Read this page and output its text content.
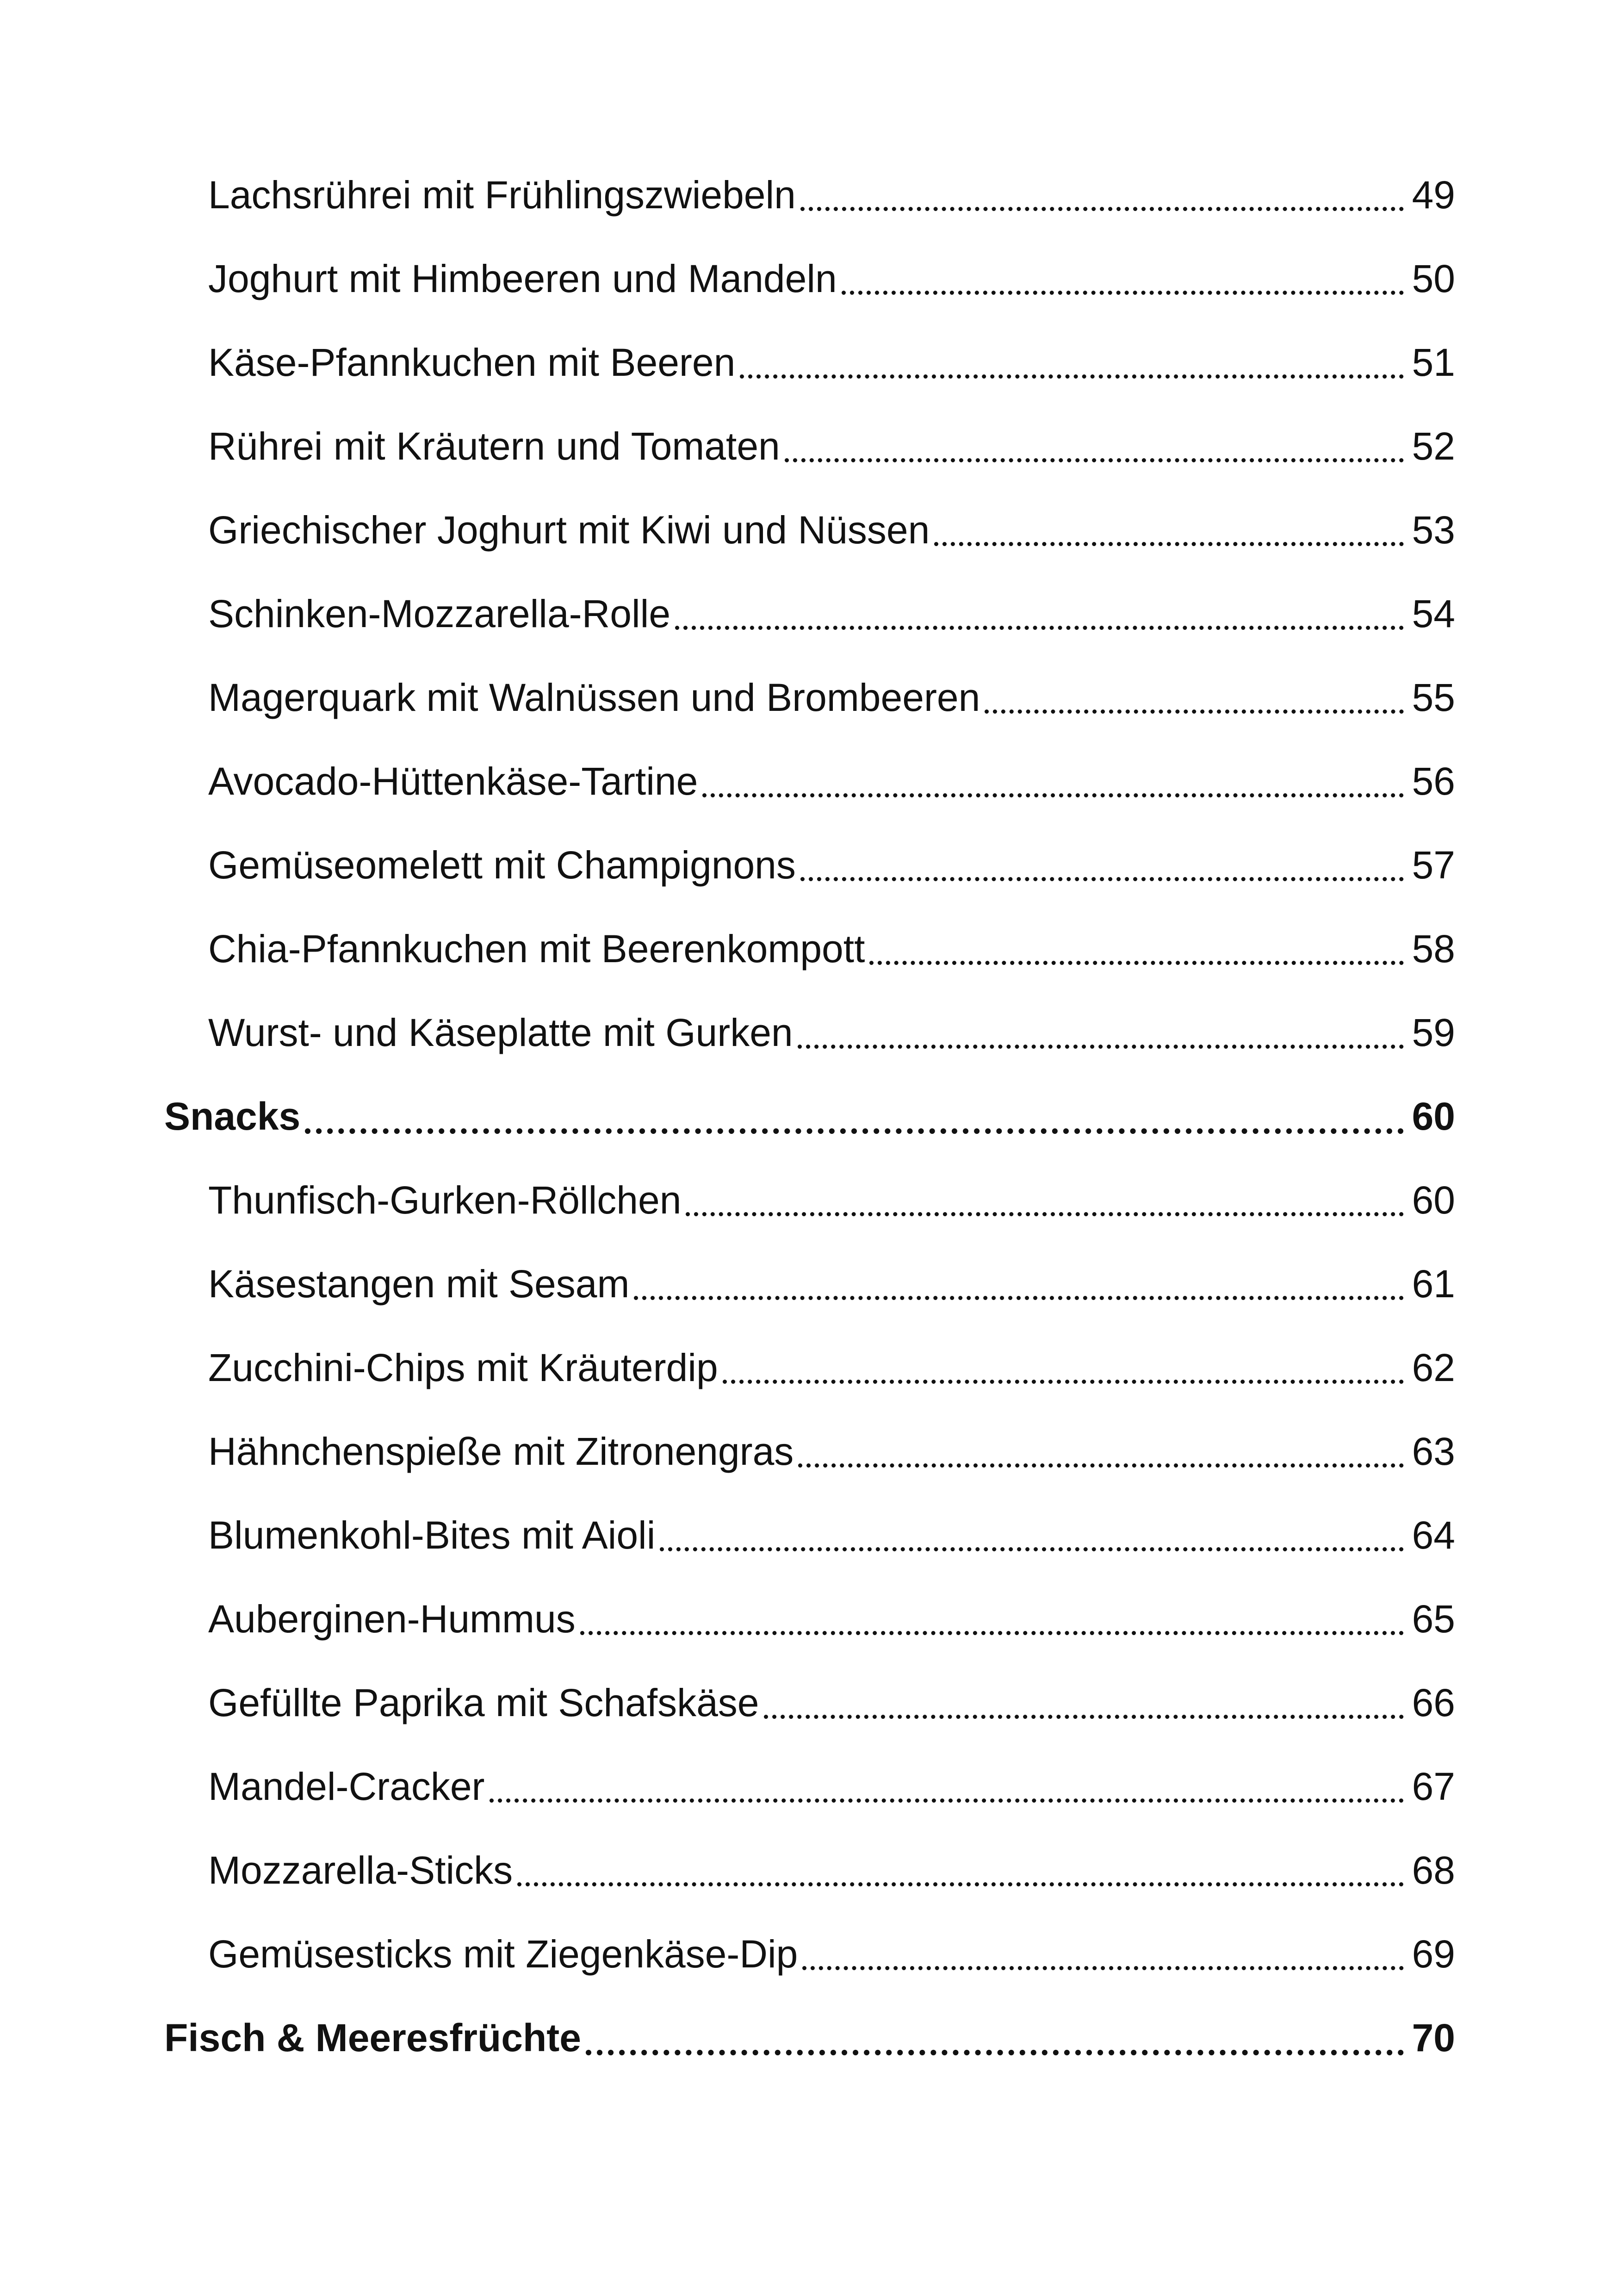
Lachsrührei mit Frühlingszwiebeln	49
Joghurt mit Himbeeren und Mandeln	50
Käse-Pfannkuchen mit Beeren	51
Rührei mit Kräutern und Tomaten	52
Griechischer Joghurt mit Kiwi und Nüssen	53
Schinken-Mozzarella-Rolle	54
Magerquark mit Walnüssen und Brombeeren	55
Avocado-Hüttenkäse-Tartine	56
Gemüseomelett mit Champignons	57
Chia-Pfannkuchen mit Beerenkompott	58
Wurst- und Käseplatte mit Gurken	59
Snacks	60
Thunfisch-Gurken-Röllchen	60
Käsestangen mit Sesam	61
Zucchini-Chips mit Kräuterdip	62
Hähnchenspieße mit Zitronengras	63
Blumenkohl-Bites mit Aioli	64
Auberginen-Hummus	65
Gefüllte Paprika mit Schafskäse	66
Mandel-Cracker	67
Mozzarella-Sticks	68
Gemüsesticks mit Ziegenkäse-Dip	69
Fisch & Meeresfrüchte	70
